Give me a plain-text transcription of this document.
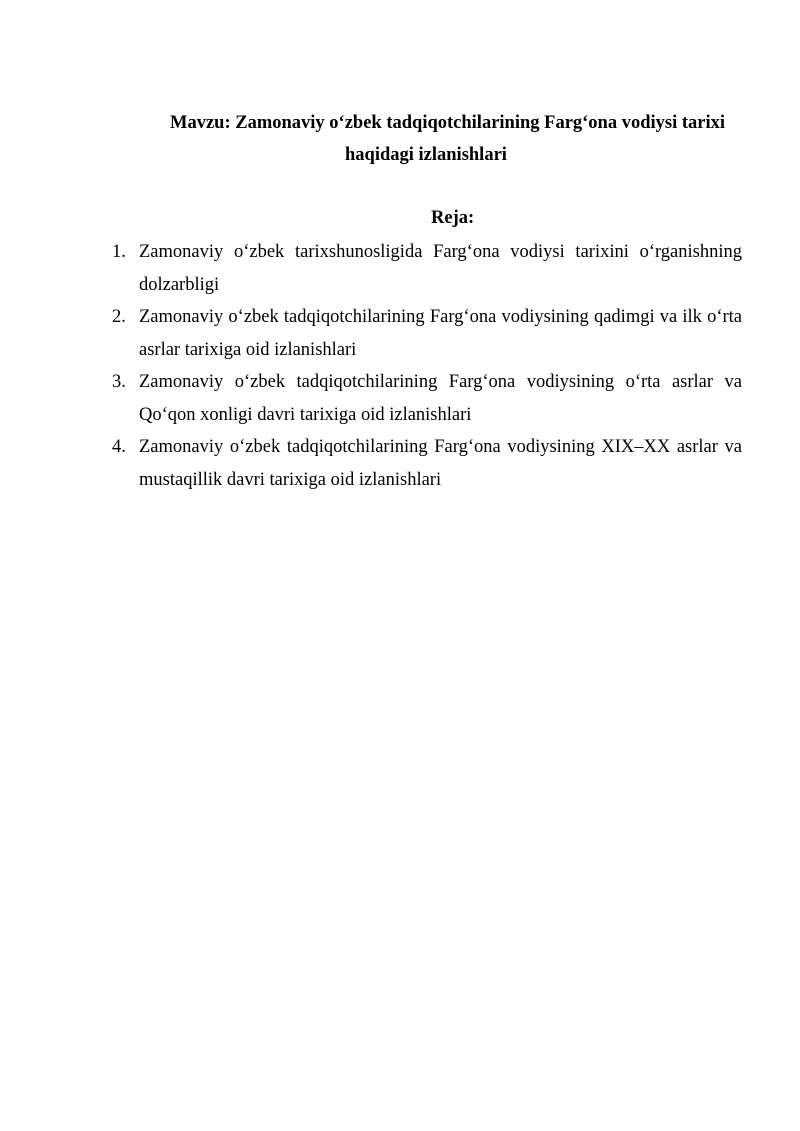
Mavzu: Zamonaviy o‘zbek tadqiqotchilarining Farg‘ona vodiysi tarixi
haqidagi izlanishlari
Reja:
1. Zamonaviy o‘zbek tarixshunosligida Farg‘ona vodiysi tarixini o‘rganishning dolzarbligi
2. Zamonaviy o‘zbek tadqiqotchilarining Farg‘ona vodiysining qadimgi va ilk o‘rta asrlar tarixiga oid izlanishlari
3. Zamonaviy o‘zbek tadqiqotchilarining Farg‘ona vodiysining o‘rta asrlar va Qo‘qon xonligi davri tarixiga oid izlanishlari
4. Zamonaviy o‘zbek tadqiqotchilarining Farg‘ona vodiysining XIX–XX asrlar va mustaqillik davri tarixiga oid izlanishlari
